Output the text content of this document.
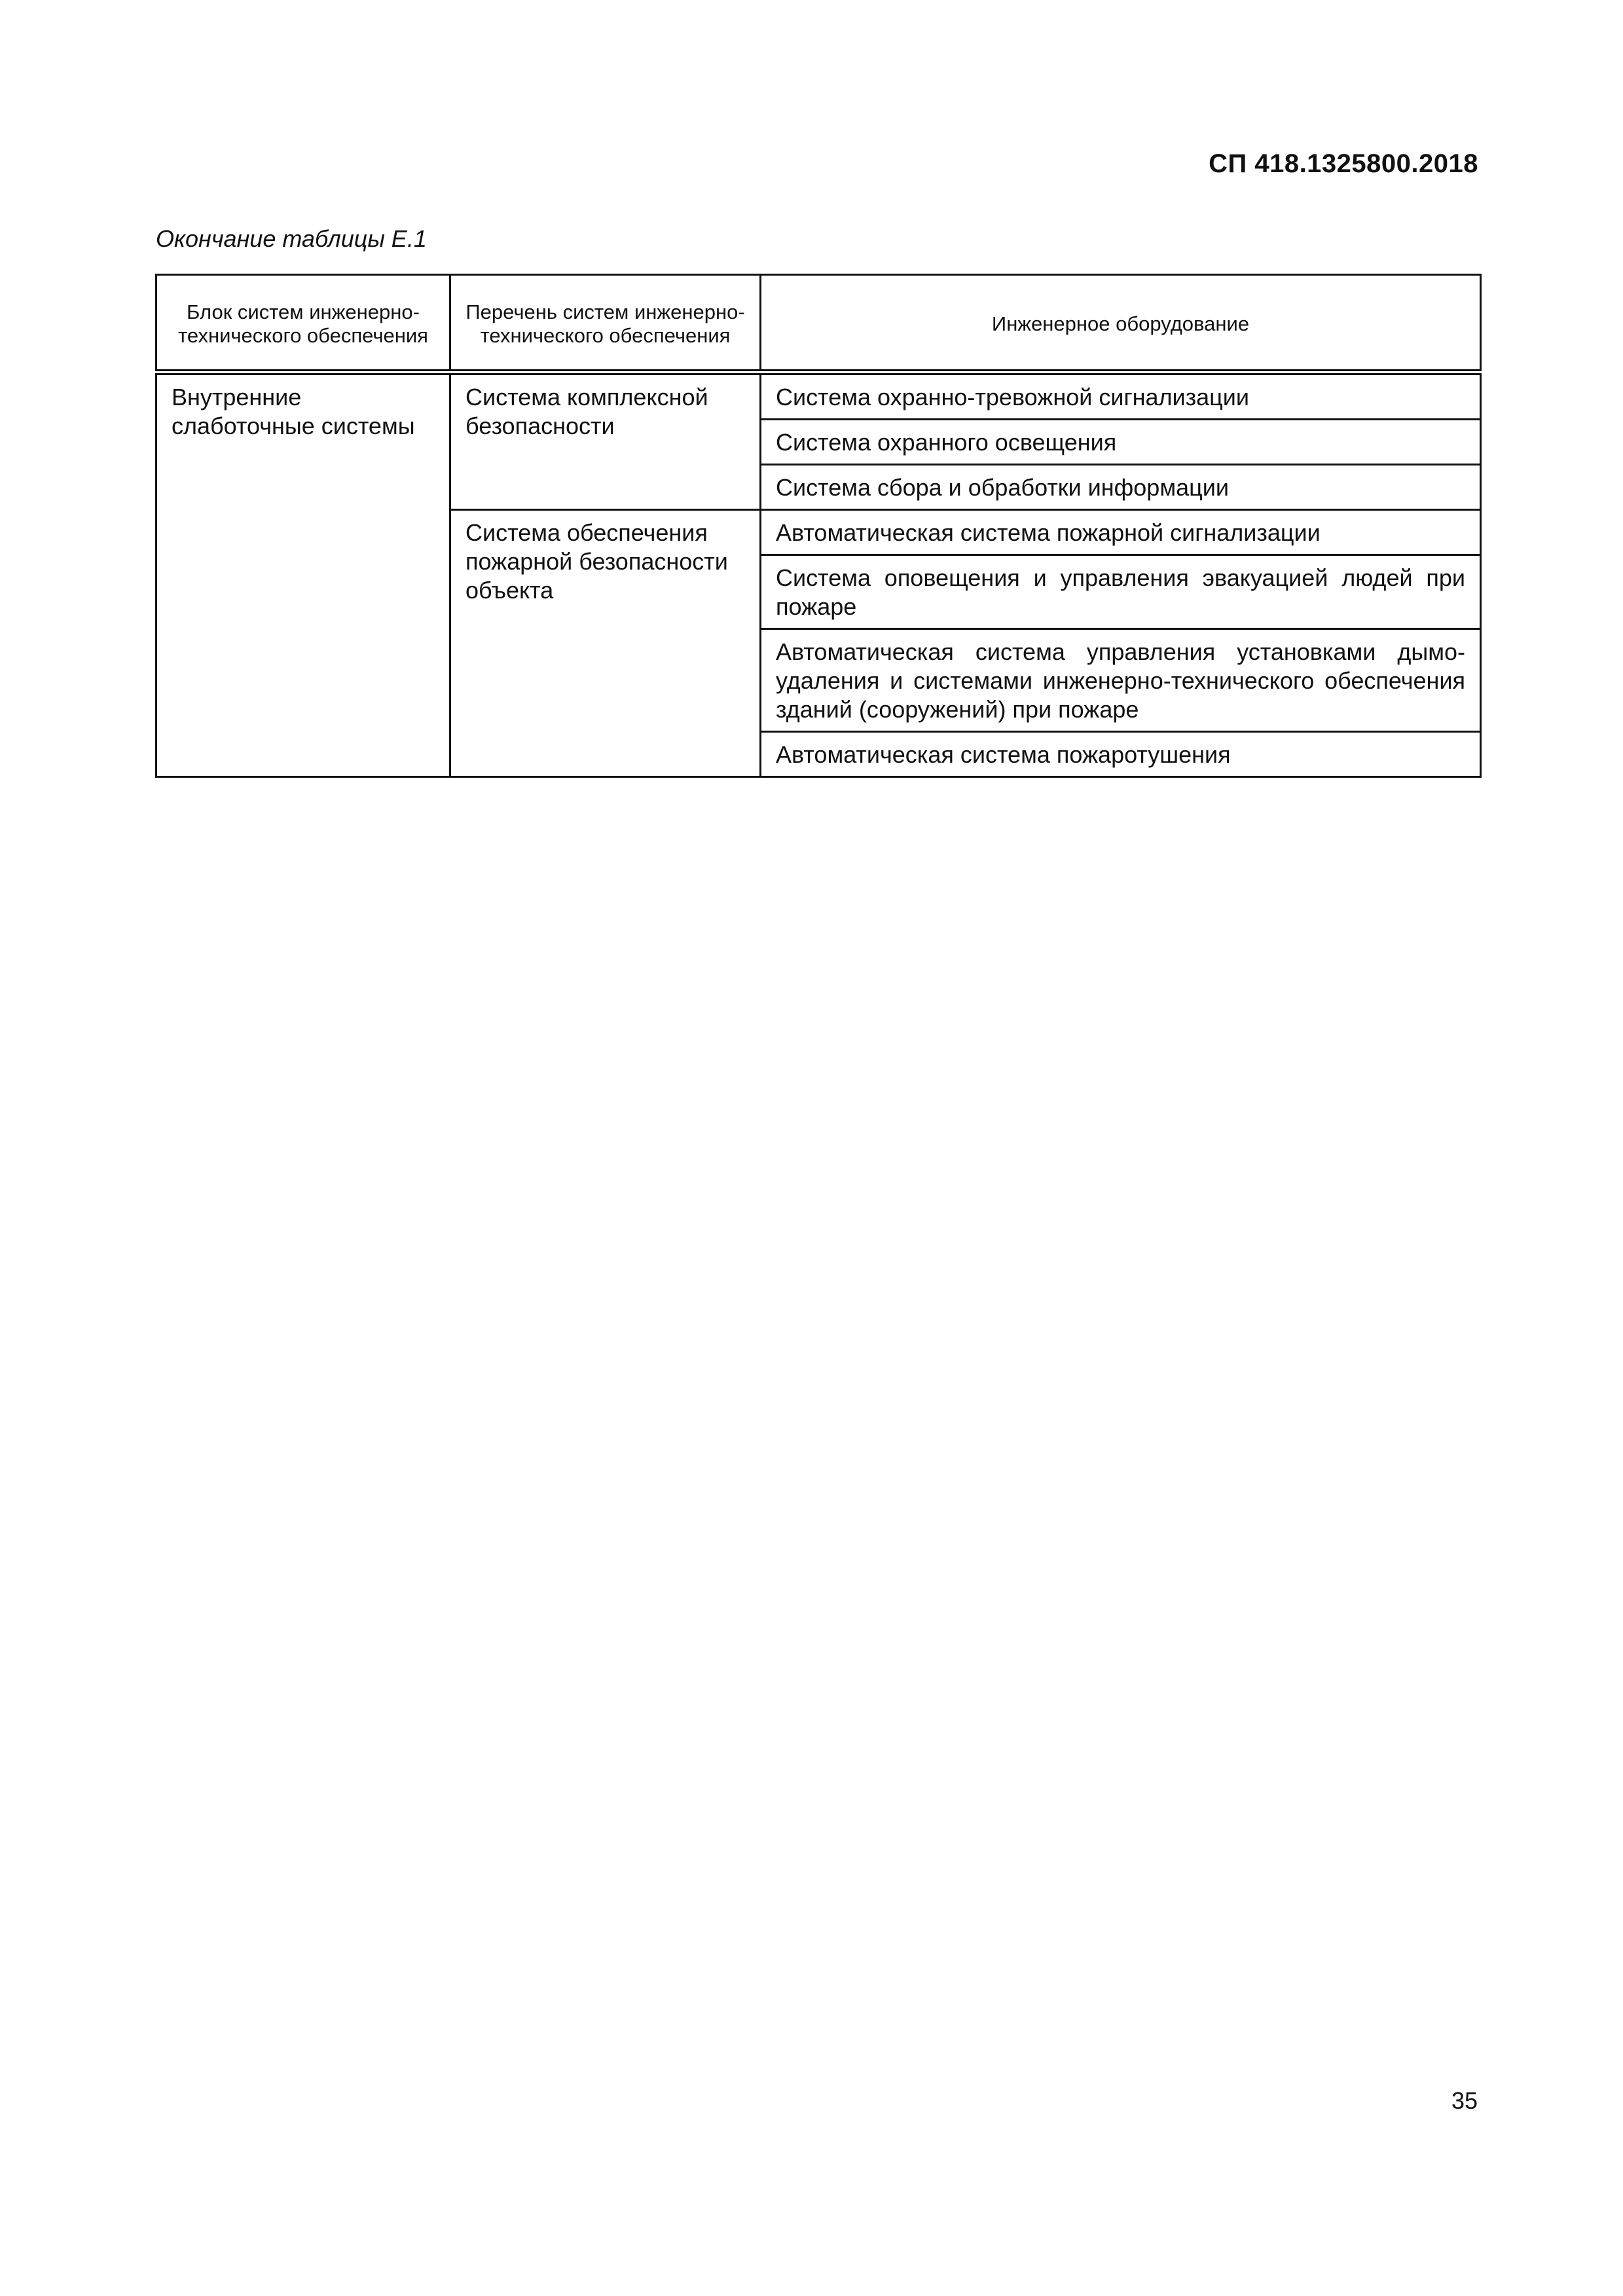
СП 418.1325800.2018
Окончание таблицы Е.1
Блок систем инженерно-технического обеспечения	Перечень систем инженерно-технического обеспечения	Инженерное оборудование
Внутренние слаботочные системы	Система комплексной безопасности	Система охранно-тревожной сигнализации
		Система охранного освещения
		Система сбора и обработки информации
	Система обеспечения пожарной безопасности объекта	Автоматическая система пожарной сигнализации
		Система оповещения и управления эвакуацией людей при пожаре
		Автоматическая система управления установками дымоудаления и системами инженерно-технического обеспечения зданий (сооружений) при пожаре
		Автоматическая система пожаротушения
35
